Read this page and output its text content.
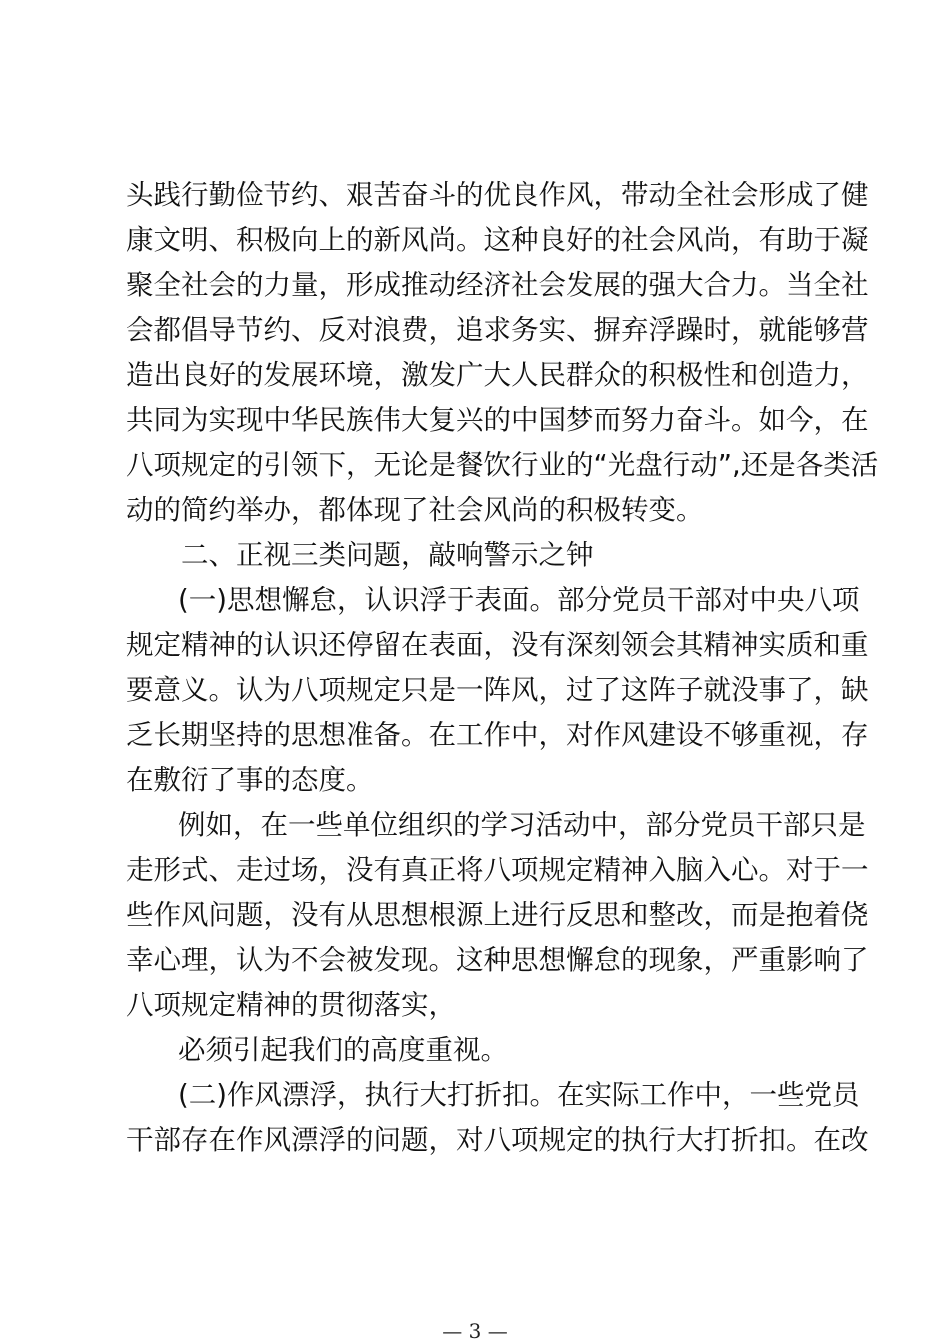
头践行勤俭节约、艰苦奋斗的优良作风，带动全社会形成了健
康文明、积极向上的新风尚。这种良好的社会风尚，有助于凝
聚全社会的力量，形成推动经济社会发展的强大合力。当全社
会都倡导节约、反对浪费，追求务实、摒弃浮躁时，就能够营
造出良好的发展环境，激发广大人民群众的积极性和创造力，
共同为实现中华民族伟大复兴的中国梦而努力奋斗。如今，在
八项规定的引领下，无论是餐饮行业的“光盘行动”,还是各类活
动的简约举办，都体现了社会风尚的积极转变。
二、正视三类问题，敲响警示之钟
(一)思想懈怠，认识浮于表面。部分党员干部对中央八项
规定精神的认识还停留在表面，没有深刻领会其精神实质和重
要意义。认为八项规定只是一阵风，过了这阵子就没事了，缺
乏长期坚持的思想准备。在工作中，对作风建设不够重视，存
在敷衍了事的态度。
例如，在一些单位组织的学习活动中，部分党员干部只是
走形式、走过场，没有真正将八项规定精神入脑入心。对于一
些作风问题，没有从思想根源上进行反思和整改，而是抱着侥
幸心理，认为不会被发现。这种思想懈怠的现象，严重影响了
八项规定精神的贯彻落实，
必须引起我们的高度重视。
(二)作风漂浮，执行大打折扣。在实际工作中，一些党员
干部存在作风漂浮的问题，对八项规定的执行大打折扣。在改
— 3 —
